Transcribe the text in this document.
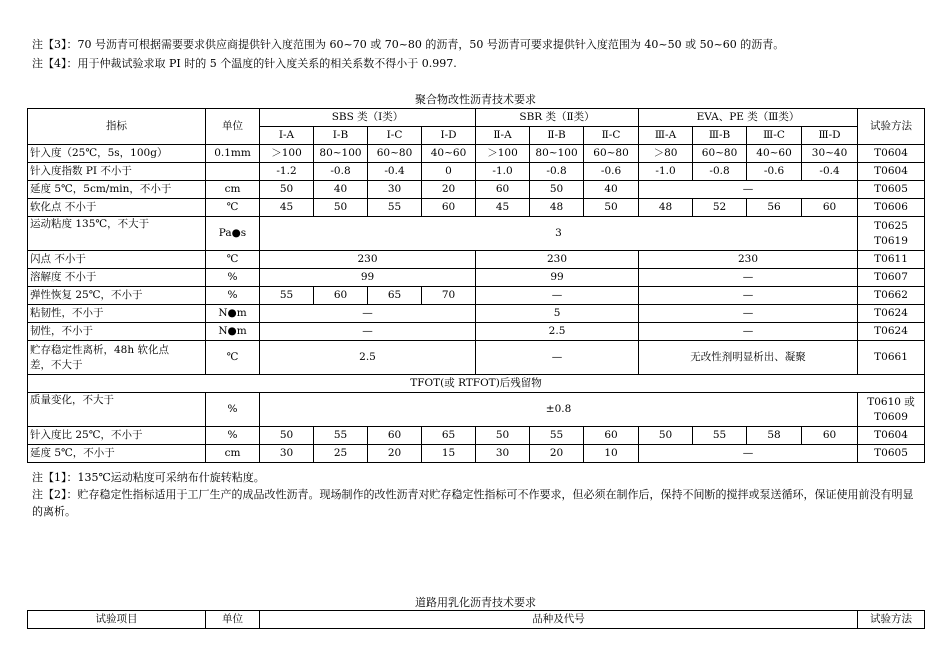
注【3】：70 号沥青可根据需要要求供应商提供针入度范围为 60~70 或 70~80 的沥青，50 号沥青可要求提供针入度范围为 40~50 或 50~60 的沥青。
注【4】：用于仲裁试验求取 PI 时的 5 个温度的针入度关系的相关系数不得小于 0.997.
聚合物改性沥青技术要求
指标	单位	SBS 类（Ⅰ类）				SBR 类（Ⅱ类）			EVA、PE 类（Ⅲ类）				试验方法
		Ⅰ-A	Ⅰ-B	Ⅰ-C	Ⅰ-D	Ⅱ-A	Ⅱ-B	Ⅱ-C	Ⅲ-A	Ⅲ-B	Ⅲ-C	Ⅲ-D	
针入度（25℃，5s，100g）	0.1mm	＞100	80~100	60~80	40~60	＞100	80~100	60~80	＞80	60~80	40~60	30~40	T0604
针入度指数 PI 不小于		-1.2	-0.8	-0.4	0	-1.0	-0.8	-0.6	-1.0	-0.8	-0.6	-0.4	T0604
延度 5℃，5cm/min，不小于	cm	50	40	30	20	60	50	40	—				T0605
软化点 不小于	℃	45	50	55	60	45	48	50	48	52	56	60	T0606
运动粘度 135℃，不大于	Pa●s	3											T0625
T0619

闪点 不小于	℃	230				230			230				T0611
溶解度 不小于	%	99				99			—				T0607
弹性恢复 25℃，不小于	%	55	60	65	70	—			—				T0662
粘韧性，不小于	N●m	—				5			—				T0624
韧性，不小于	N●m	—				2.5			—				T0624

贮存稳定性离析，48h 软化点
差，不大于	℃	2.5				—			无改性剂明显析出、凝聚				T0661
TFOT(或 RTFOT)后残留物													
质量变化，不大于	%	±0.8											T0610 或
T0609

针入度比 25℃，不小于	%	50	55	60	65	50	55	60	50	55	58	60	T0604
延度 5℃，不小于	cm	30	25	20	15	30	20	10	—				T0605
注【1】：135℃运动粘度可采纳布什旋转粘度。
注【2】：贮存稳定性指标适用于工厂生产的成品改性沥青。现场制作的改性沥青对贮存稳定性指标可不作要求，但必须在制作后，保持不间断的搅拌或泵送循环，保证使用前没有明显的离析。
道路用乳化沥青技术要求
试验项目	单位	品种及代号	试验方法
